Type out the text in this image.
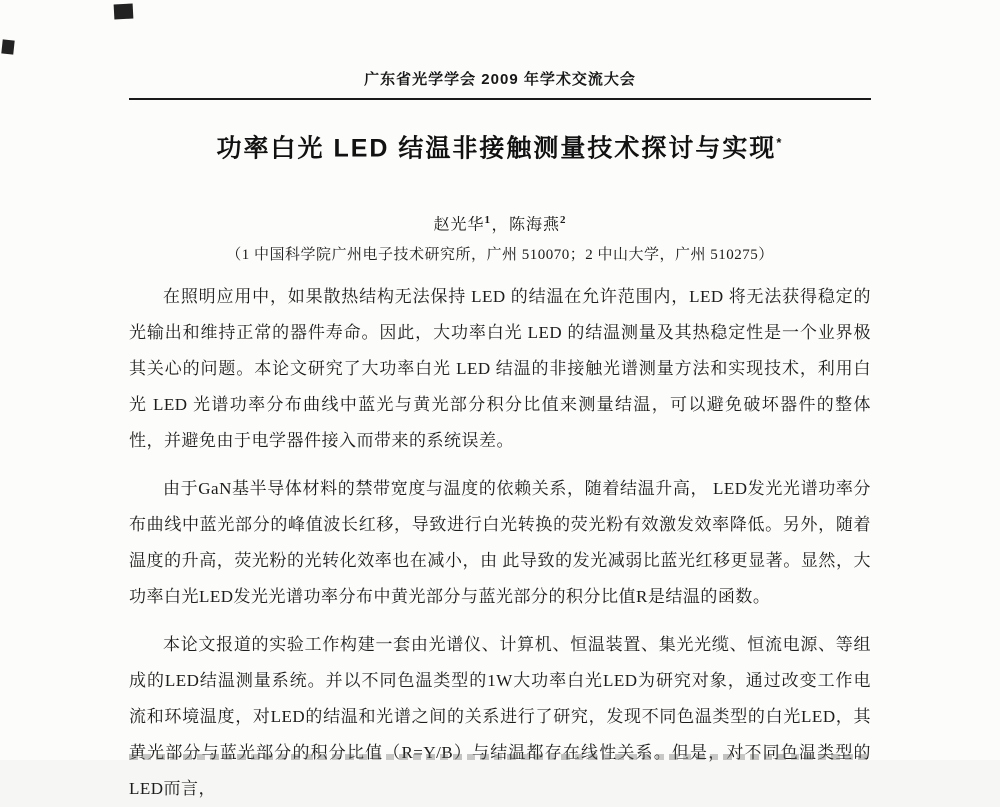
广东省光学学会 2009 年学术交流大会
功率白光 LED 结温非接触测量技术探讨与实现*
赵光华$^1$，陈海燕$^2$
（1 中国科学院广州电子技术研究所，广州 510070；2 中山大学，广州 510275）

在照明应用中，如果散热结构无法保持 LED 的结温在允许范围内，LED 将无法获得稳定的光输出和维持正常的器件寿命。因此，大功率白光 LED 的结温测量及其热稳定性是一个业界极其关心的问题。本论文研究了大功率白光 LED 结温的非接触光谱测量方法和实现技术，利用白光 LED 光谱功率分布曲线中蓝光与黄光部分积分比值来测量结温，可以避免破坏器件的整体性，并避免由于电学器件接入而带来的系统误差。

由于GaN基半导体材料的禁带宽度与温度的依赖关系，随着结温升高， LED发光光谱功率分布曲线中蓝光部分的峰值波长红移，导致进行白光转换的荧光粉有效激发效率降低。另外，随着温度的升高，荧光粉的光转化效率也在减小，由 此导致的发光减弱比蓝光红移更显著。显然，大功率白光LED发光光谱功率分布中黄光部分与蓝光部分的积分比值R是结温的函数。

本论文报道的实验工作构建一套由光谱仪、计算机、恒温装置、集光光缆、恒流电源、等组成的LED结温测量系统。并以不同色温类型的1W大功率白光LED为研究对象，通过改变工作电流和环境温度，对LED的结温和光谱之间的关系进行了研究，发现不同色温类型的白光LED，其黄光部分与蓝光部分的积分比值（R=Y/B）与结温都存在线性关系。但是，对不同色温类型的LED而言，
